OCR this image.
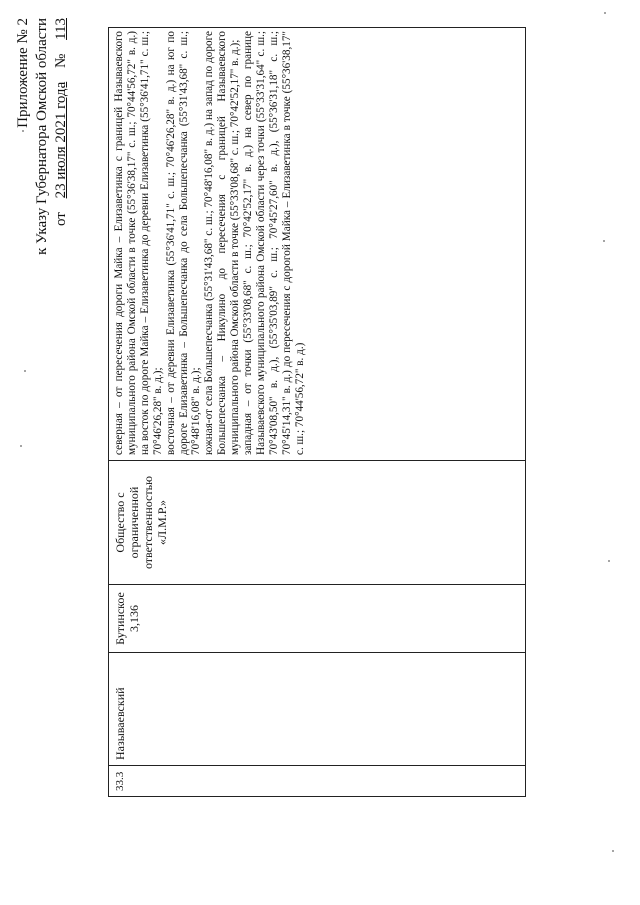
Приложение № 2 к Указу Губернатора Омской области от 23 июля 2021 года № 113
33.3
Называевский
Бутинское 3,136
Общество с ограниченной ответственностью «Л.М.Р.»
северная – от пересечения дороги Майка – Елизаветинка с границей Называевского муниципального района Омской области в точке (55°36'38,17" с. ш.; 70°44'56,72" в. д.) на восток по дороге Майка – Елизаветинка до деревни Елизаветинка (55°36'41,71" с. ш.; 70°46'26,28" в. д.); восточная – от деревни Елизаветинка (55°36'41,71" с. ш.; 70°46'26,28" в. д.) на юг по дороге Елизаветинка – Большепесчанка до села Большепесчанка (55°31'43,68" с. ш.; 70°48'16,08" в. д.); южная-от села Большепесчанка (55°31'43,68" с. ш.; 70°48'16,08" в. д.) на запад по дороге Большепесчанка – Никулино до пересечения с границей Называевского муниципального района Омской области в точке (55°33'08,68" с. ш.; 70°42'52,17" в. д.); западная – от точки (55°33'08,68" с. ш.; 70°42'52,17" в. д.) на север по границе Называевского муниципального района Омской области через точки (55°33'31,64" с. ш.; 70°43'08,50" в. д.), (55°35'03,89" с. ш.; 70°45'27,60" в. д.), (55°36'31,18" с. ш.; 70°45'14,31" в. д.) до пересечения с дорогой Майка – Елизаветинка в точке (55°36'38,17" с. ш.; 70°44'56,72" в. д.)
